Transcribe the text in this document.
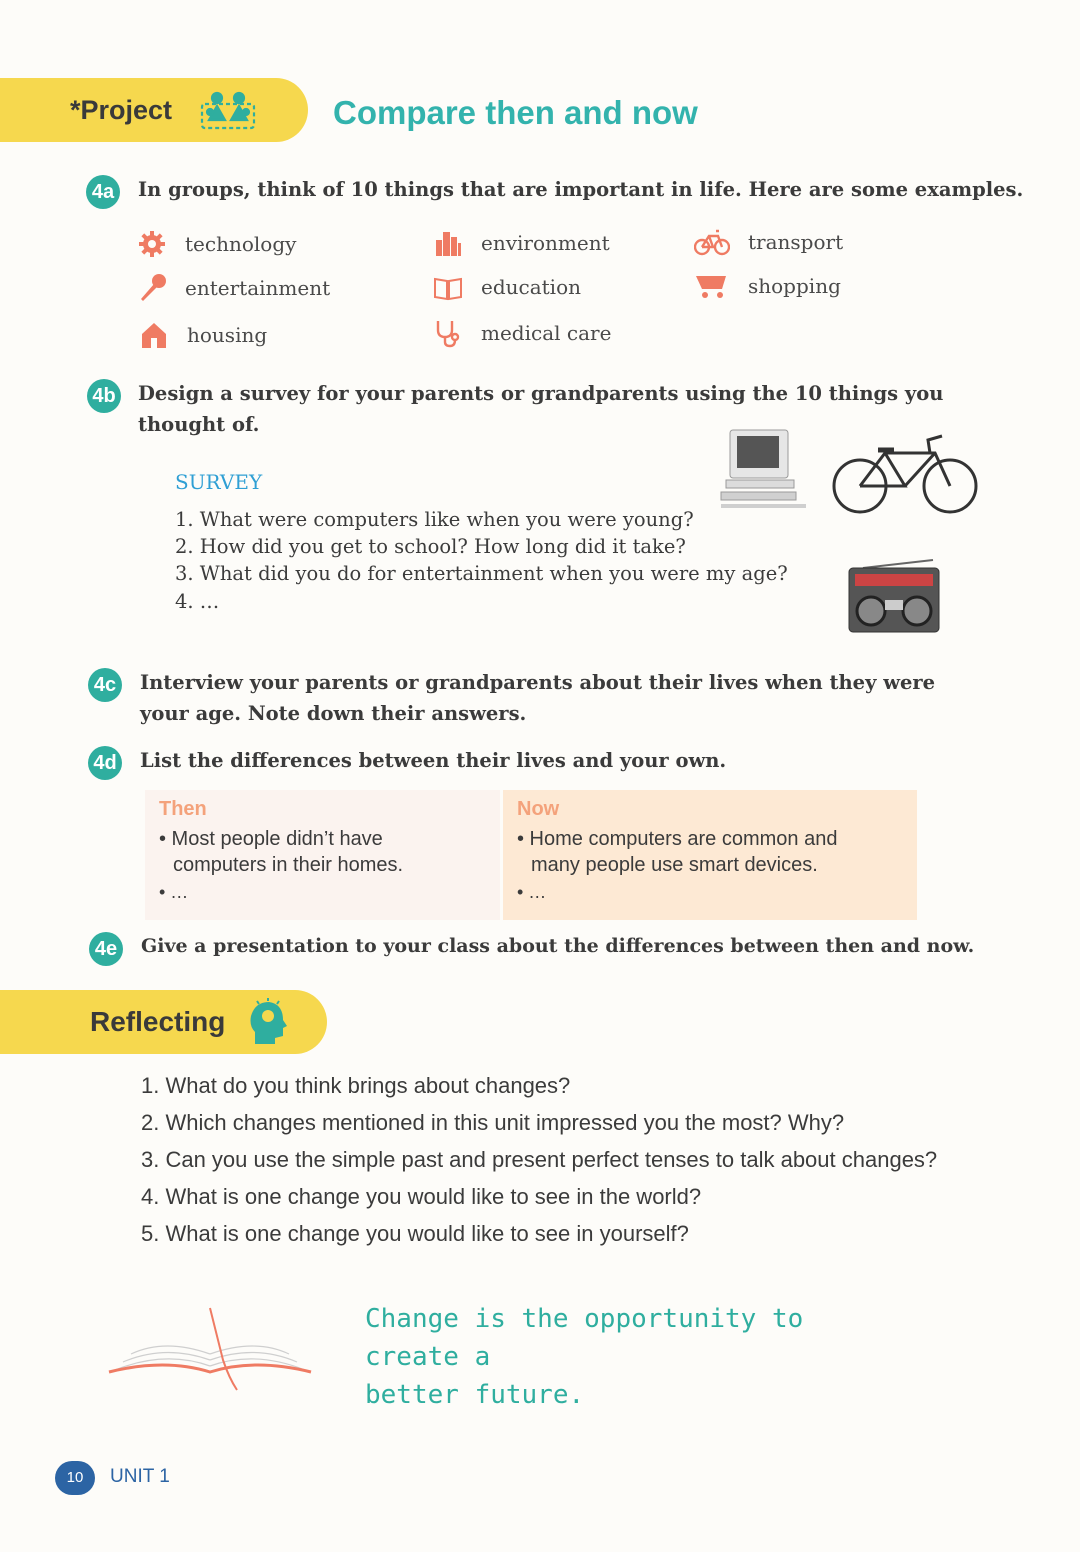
*Project	Compare then and now
4a	In groups, think of 10 things that are important in life. Here are some examples.
technology	environment	transport
entertainment	education	shopping
housing	medical care
4b Design a survey for your parents or grandparents using the 10 things you
thought of.
SURVEY
1. What were computers like when you were young?
2. How did you get to school? How long did it take?
3. What did you do for entertainment when you were my age?
4. …
4c	Interview your parents or grandparents about their lives when they were
your age. Note down their answers.
4d List the differences between their lives and your own.
Then
• Most people didn’t have
computers in their homes.
• …
Now
• Home computers are common and
many people use smart devices.
• …
4e	Give a presentation to your class about the differences between then and now.
Reflecting
1. What do you think brings about changes?
2. Which changes mentioned in this unit impressed you the most? Why?
3. Can you use the simple past and present perfect tenses to talk about changes?
4. What is one change you would like to see in the world?
5. What is one change you would like to see in yourself?
Change is the opportunity to create a
better future.
10	UNIT 1
